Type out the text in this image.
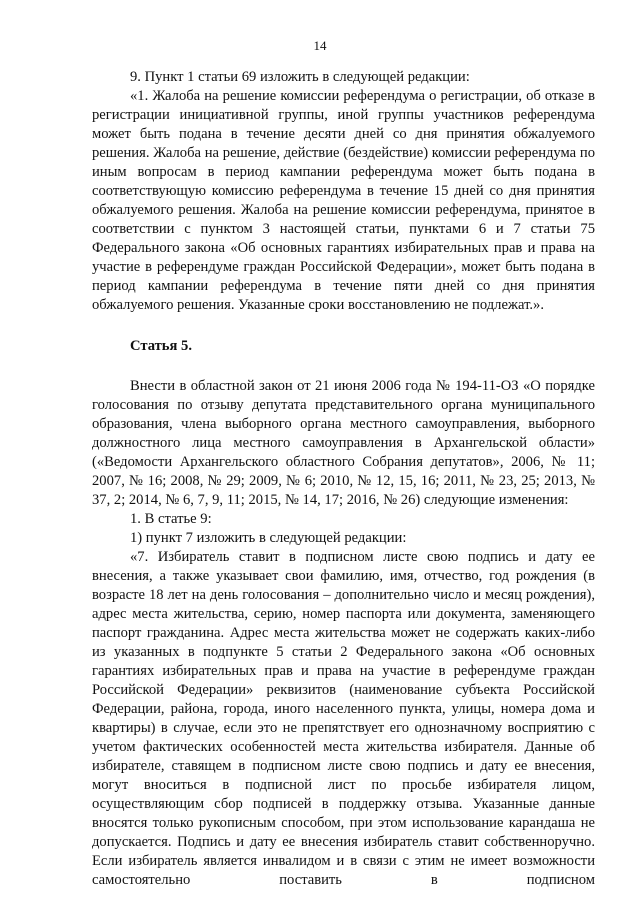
14

9. Пункт 1 статьи 69 изложить в следующей редакции:

«1. Жалоба на решение комиссии референдума о регистрации, об отказе в регистрации инициативной группы, иной группы участников референдума может быть подана в течение десяти дней со дня принятия обжалуемого решения. Жалоба на решение, действие (бездействие) комиссии референдума по иным вопросам в период кампании референдума может быть подана в соответствующую комиссию референдума в течение 15 дней со дня принятия обжалуемого решения. Жалоба на решение комиссии референдума, принятое в соответствии с пунктом 3 настоящей статьи, пунктами 6 и 7 статьи 75 Федерального закона «Об основных гарантиях избирательных прав и права на участие в референдуме граждан Российской Федерации», может быть подана в период кампании референдума в течение пяти дней со дня принятия обжалуемого решения. Указанные сроки восстановлению не подлежат.».

Статья 5.

Внести в областной закон от 21 июня 2006 года № 194-11-ОЗ «О порядке голосования по отзыву депутата представительного органа муниципального образования, члена выборного органа местного самоуправления, выборного должностного лица местного самоуправления в Архангельской области» («Ведомости Архангельского областного Собрания депутатов», 2006, № 11; 2007, № 16; 2008, № 29; 2009, № 6; 2010, № 12, 15, 16; 2011, № 23, 25; 2013, № 37, 2; 2014, № 6, 7, 9, 11; 2015, № 14, 17; 2016, № 26) следующие изменения:

1. В статье 9:

1) пункт 7 изложить в следующей редакции:

«7. Избиратель ставит в подписном листе свою подпись и дату ее внесения, а также указывает свои фамилию, имя, отчество, год рождения (в возрасте 18 лет на день голосования – дополнительно число и месяц рождения), адрес места жительства, серию, номер паспорта или документа, заменяющего паспорт гражданина. Адрес места жительства может не содержать каких-либо из указанных в подпункте 5 статьи 2 Федерального закона «Об основных гарантиях избирательных прав и права на участие в референдуме граждан Российской Федерации» реквизитов (наименование субъекта Российской Федерации, района, города, иного населенного пункта, улицы, номера дома и квартиры) в случае, если это не препятствует его однозначному восприятию с учетом фактических особенностей места жительства избирателя. Данные об избирателе, ставящем в подписном листе свою подпись и дату ее внесения, могут вноситься в подписной лист по просьбе избирателя лицом, осуществляющим сбор подписей в поддержку отзыва. Указанные данные вносятся только рукописным способом, при этом использование карандаша не допускается. Подпись и дату ее внесения избиратель ставит собственноручно. Если избиратель является инвалидом и в связи с этим не имеет возможности самостоятельно поставить в подписном
